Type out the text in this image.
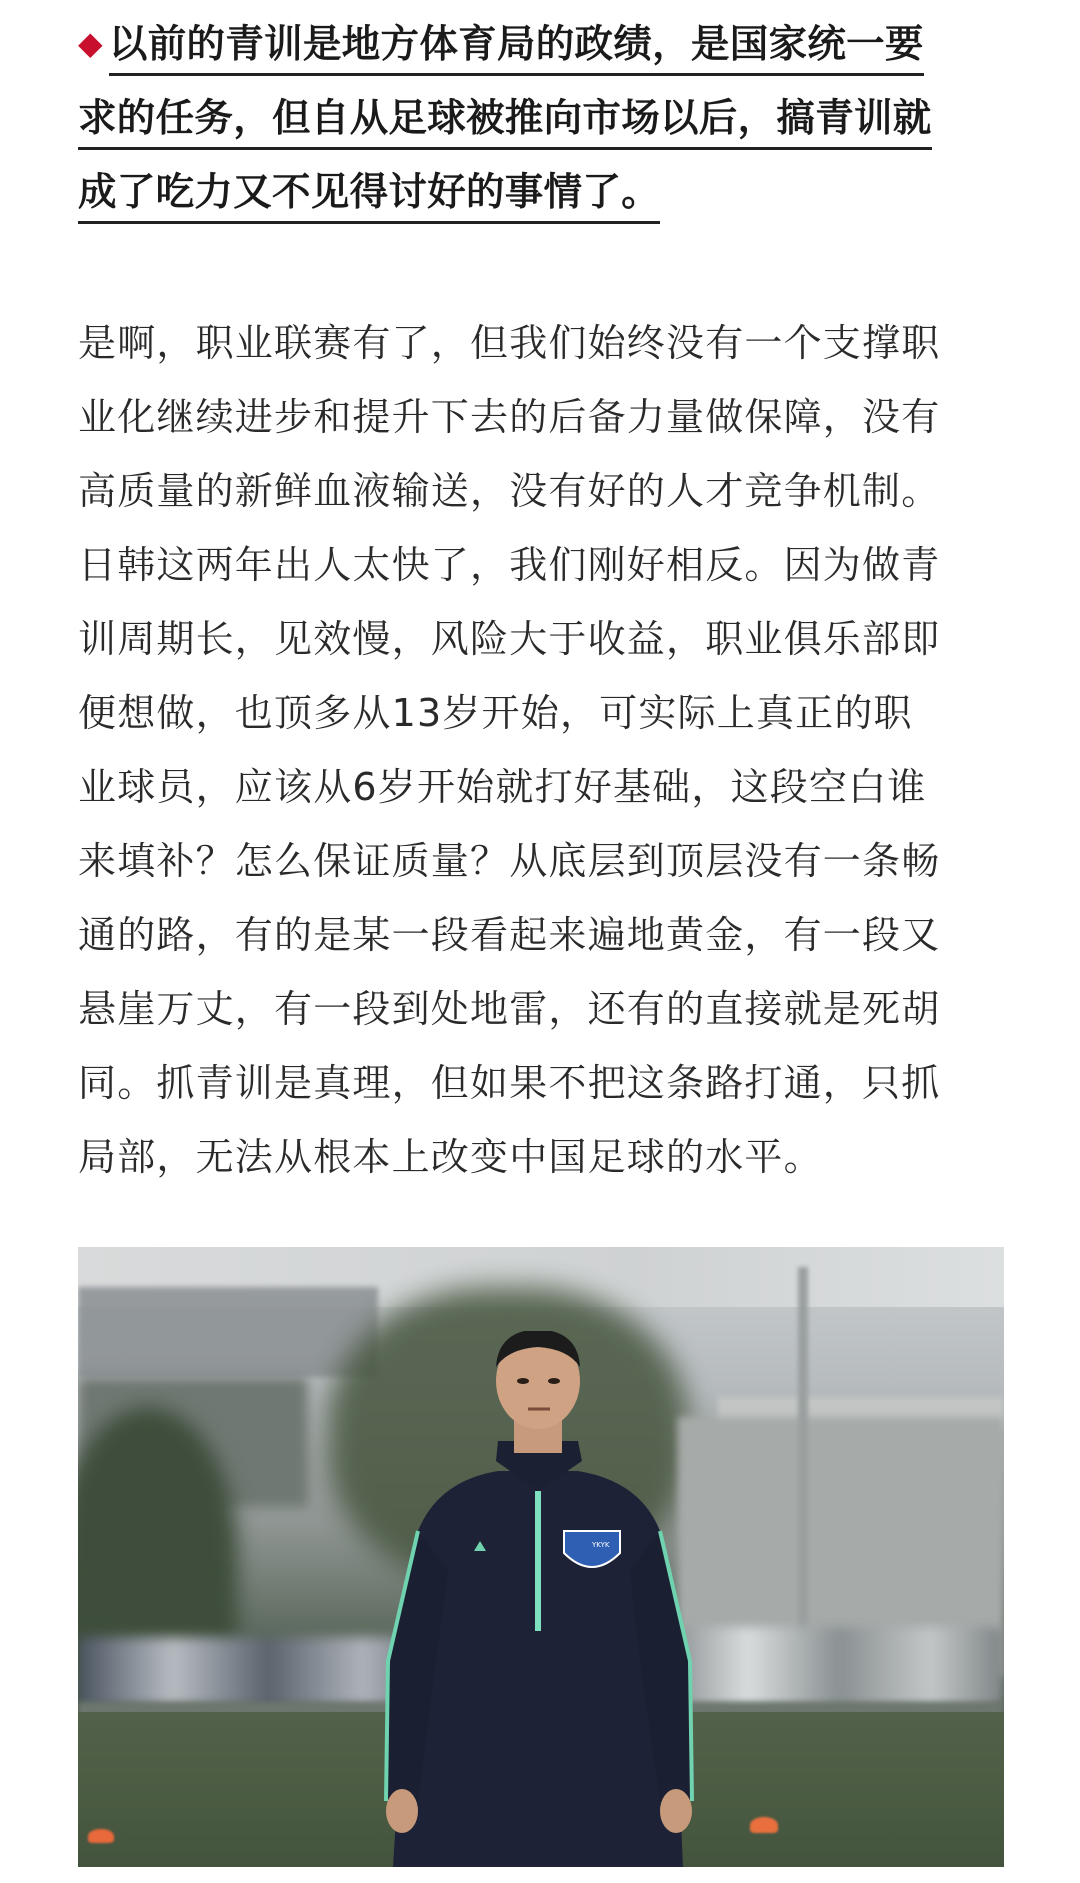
◆ 以前的青训是地方体育局的政绩，是国家统一要
求的任务，但自从足球被推向市场以后，搞青训就
成了吃力又不见得讨好的事情了。
是啊，职业联赛有了，但我们始终没有一个支撑职
业化继续进步和提升下去的后备力量做保障，没有
高质量的新鲜血液输送，没有好的人才竞争机制。
日韩这两年出人太快了，我们刚好相反。因为做青
训周期长，见效慢，风险大于收益，职业俱乐部即
便想做，也顶多从13岁开始，可实际上真正的职
业球员，应该从6岁开始就打好基础，这段空白谁
来填补？怎么保证质量？从底层到顶层没有一条畅
通的路，有的是某一段看起来遍地黄金，有一段又
悬崖万丈，有一段到处地雷，还有的直接就是死胡
同。抓青训是真理，但如果不把这条路打通，只抓
局部，无法从根本上改变中国足球的水平。
YKYK
